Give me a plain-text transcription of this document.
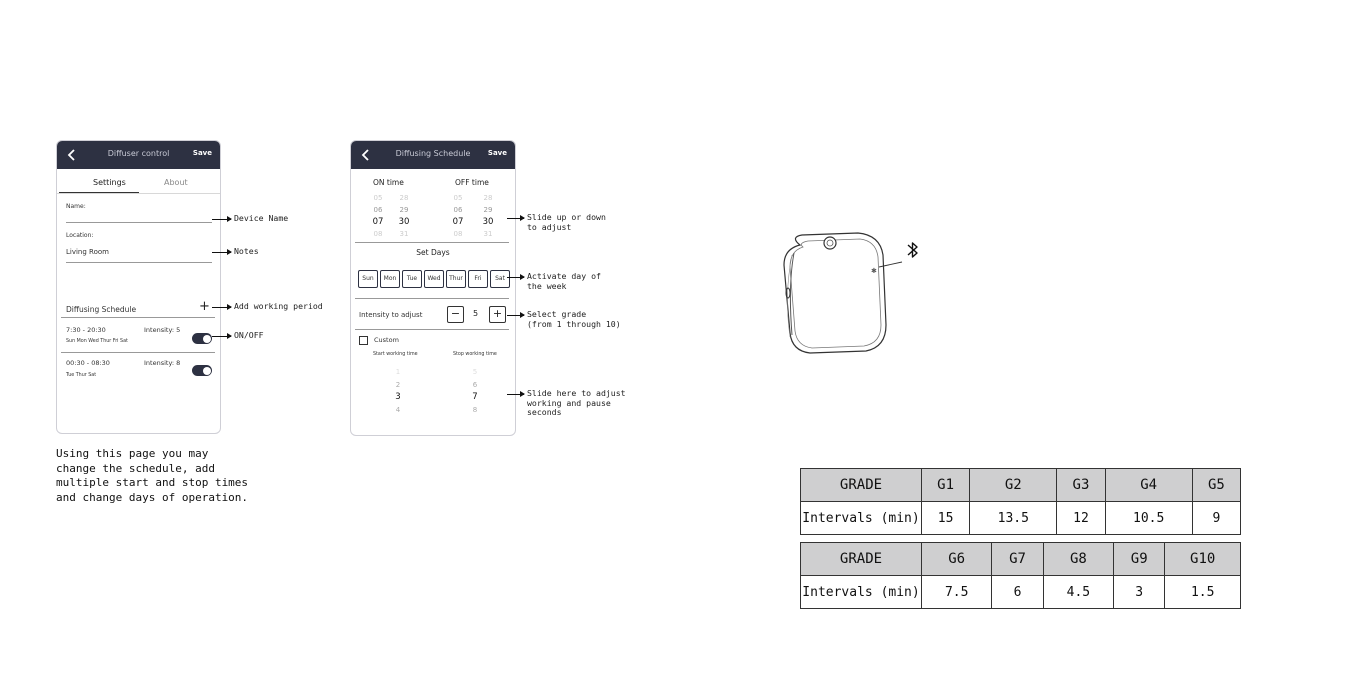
Diffuser control	Save
Settings	About
Name:
Location:
Living Room
Diffusing Schedule	+
7:30 - 20:30	Intensity: 5
Sun Mon Wed Thur Fri Sat
00:30 - 08:30	Intensity: 8
Tue Thur Sat
Diffusing Schedule	Save
ON time	OFF time
05
06
07
08
28
29
30
31
05
06
07
08
28
29
30
31
Set Days
Sun	Mon	Tue	Wed	Thur	Fri	Sat
Intensity to adjust	−	5	+
Custom
Start working time	Stop working time
1
2
3
4
5
6
7
8
Device Name
Notes
Add working period
ON/OFF
Slide up or down
to adjust
Activate day of
the week
Select grade
(from 1 through 10)
Slide here to adjust
working and pause
seconds
Using this page you may
change the schedule, add
multiple start and stop times
and change days of operation.
✱
GRADE	G1	G2	G3	G4	G5
Intervals (min)	15	13.5	12	10.5	9
GRADE	G6	G7	G8	G9	G10
Intervals (min)	7.5	6	4.5	3	1.5
